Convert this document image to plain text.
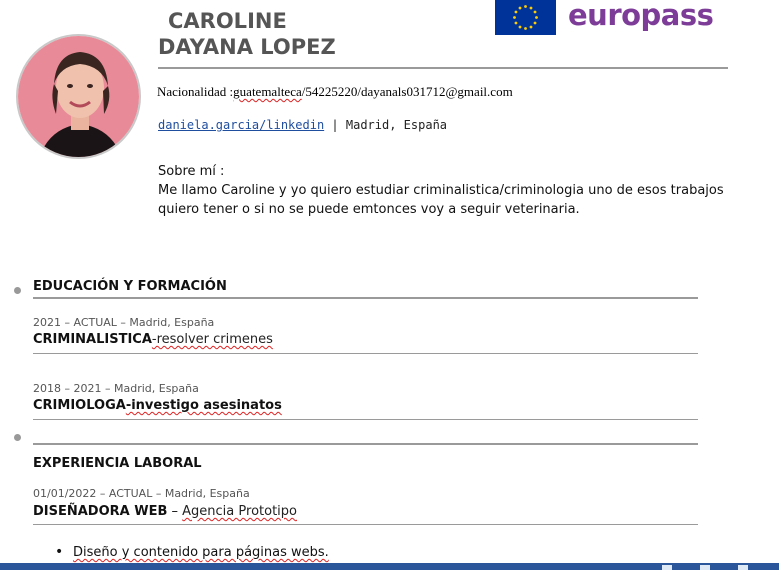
CAROLINE
DAYANA LOPEZ
europass
Nacionalidad :guatemalteca/54225220/dayanals031712@gmail.com
daniela.garcia/linkedin | Madrid, España
Sobre mí :
Me llamo Caroline y yo quiero estudiar criminalistica/criminologia uno de esos trabajos quiero tener o si no se puede emtonces voy a seguir veterinaria.
EDUCACIÓN Y FORMACIÓN
2021 – ACTUAL – Madrid, España
CRIMINALISTICA-resolver crimenes
2018 – 2021 – Madrid, España
CRIMIOLOGA-investigo asesinatos
EXPERIENCIA LABORAL
01/01/2022 – ACTUAL – Madrid, España
DISEÑADORA WEB – Agencia Prototipo
• Diseño y contenido para páginas webs.
